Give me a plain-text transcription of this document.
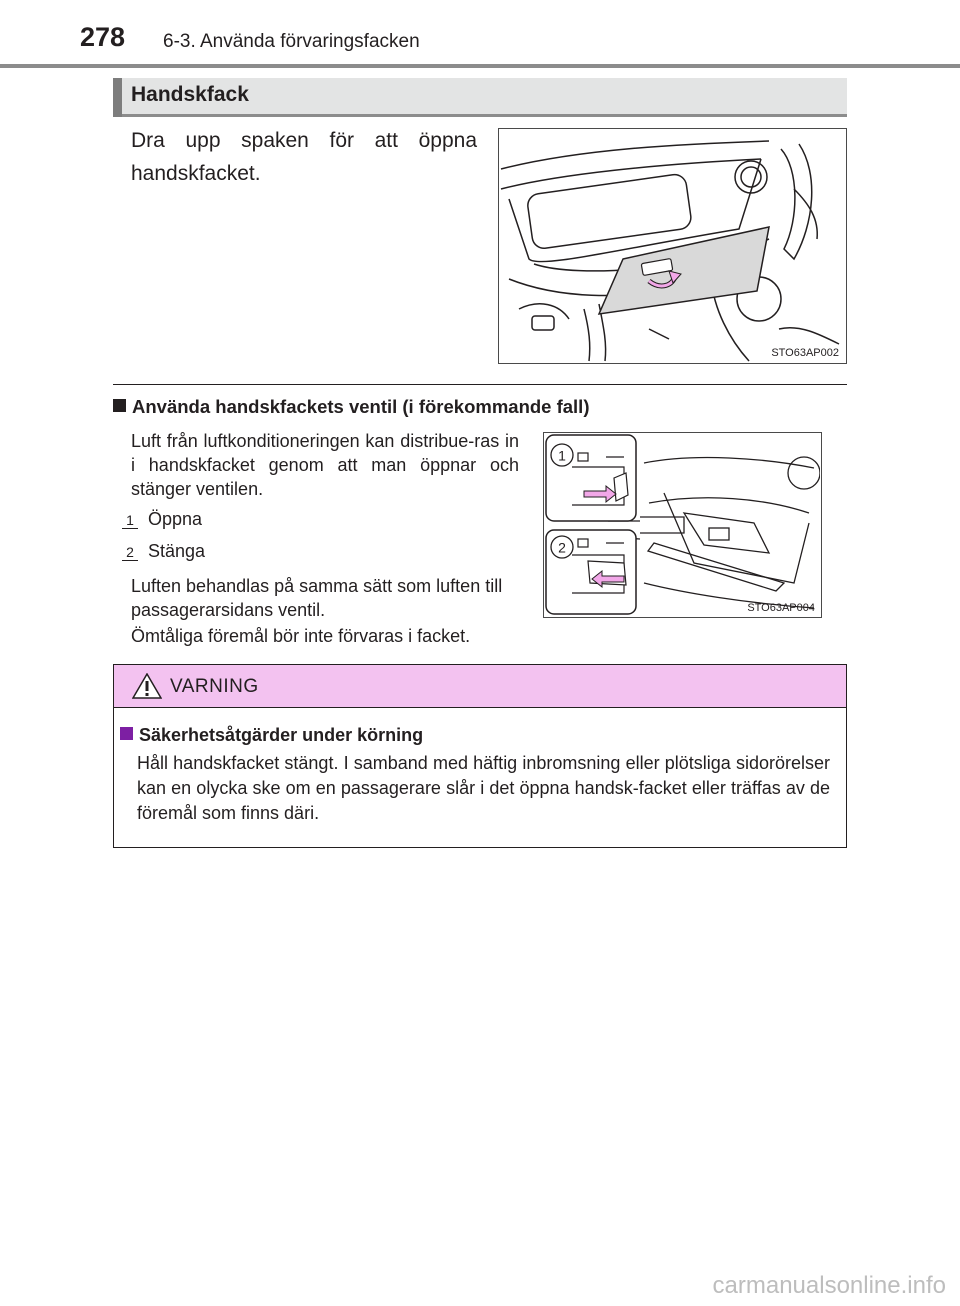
278 6-3. Använda förvaringsfacken
Handskfack
Dra upp spaken för att öppna handskfacket.
STO63AP002
Använda handskfackets ventil (i förekommande fall)
Luft från luftkonditioneringen kan distribue-ras in i handskfacket genom att man öppnar och stänger ventilen.
1 Öppna
2 Stänga
Luften behandlas på samma sätt som luften till passagerarsidans ventil.
Ömtåliga föremål bör inte förvaras i facket.
1
2
STO63AP004
VARNING
Säkerhetsåtgärder under körning
Håll handskfacket stängt. I samband med häftig inbromsning eller plötsliga sidorörelser kan en olycka ske om en passagerare slår i det öppna handsk-facket eller träffas av de föremål som finns däri.
carmanualsonline.info
